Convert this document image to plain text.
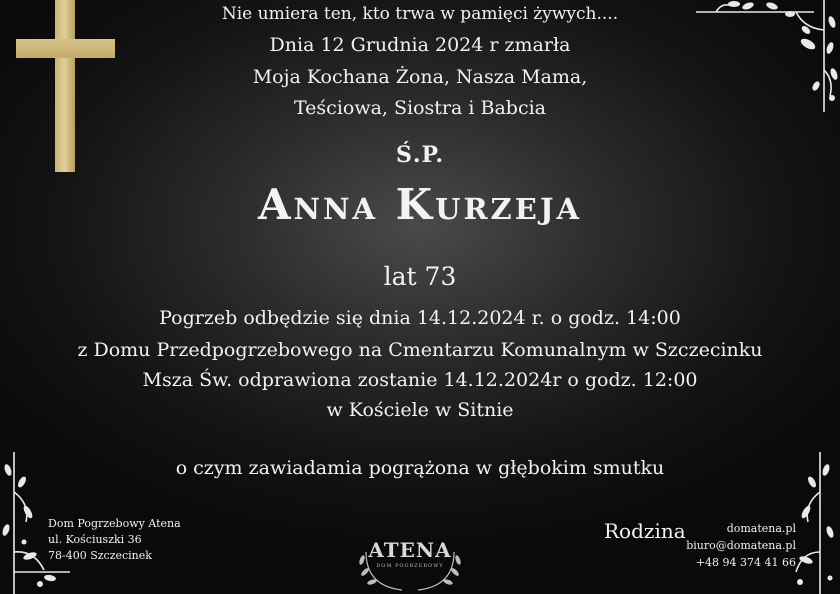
Nie umiera ten, kto trwa w pamięci żywych....
Dnia 12 Grudnia 2024 r zmarła
Moja Kochana Żona, Nasza Mama,
Teściowa, Siostra i Babcia
Ś.P.
Anna Kurzeja
lat 73
Pogrzeb odbędzie się dnia 14.12.2024 r. o godz. 14:00
z Domu Przedpogrzebowego na Cmentarzu Komunalnym w Szczecinku
Msza Św. odprawiona zostanie 14.12.2024r o godz. 12:00
w Kościele w Sitnie
o czym zawiadamia pogrążona w głębokim smutku
Dom Pogrzebowy Atena
ul. Kościuszki 36
78-400 Szczecinek	ATENA
DOM POGRZEBOWY
Rodzina	domatena.pl
biuro@domatena.pl
+48 94 374 41 66
